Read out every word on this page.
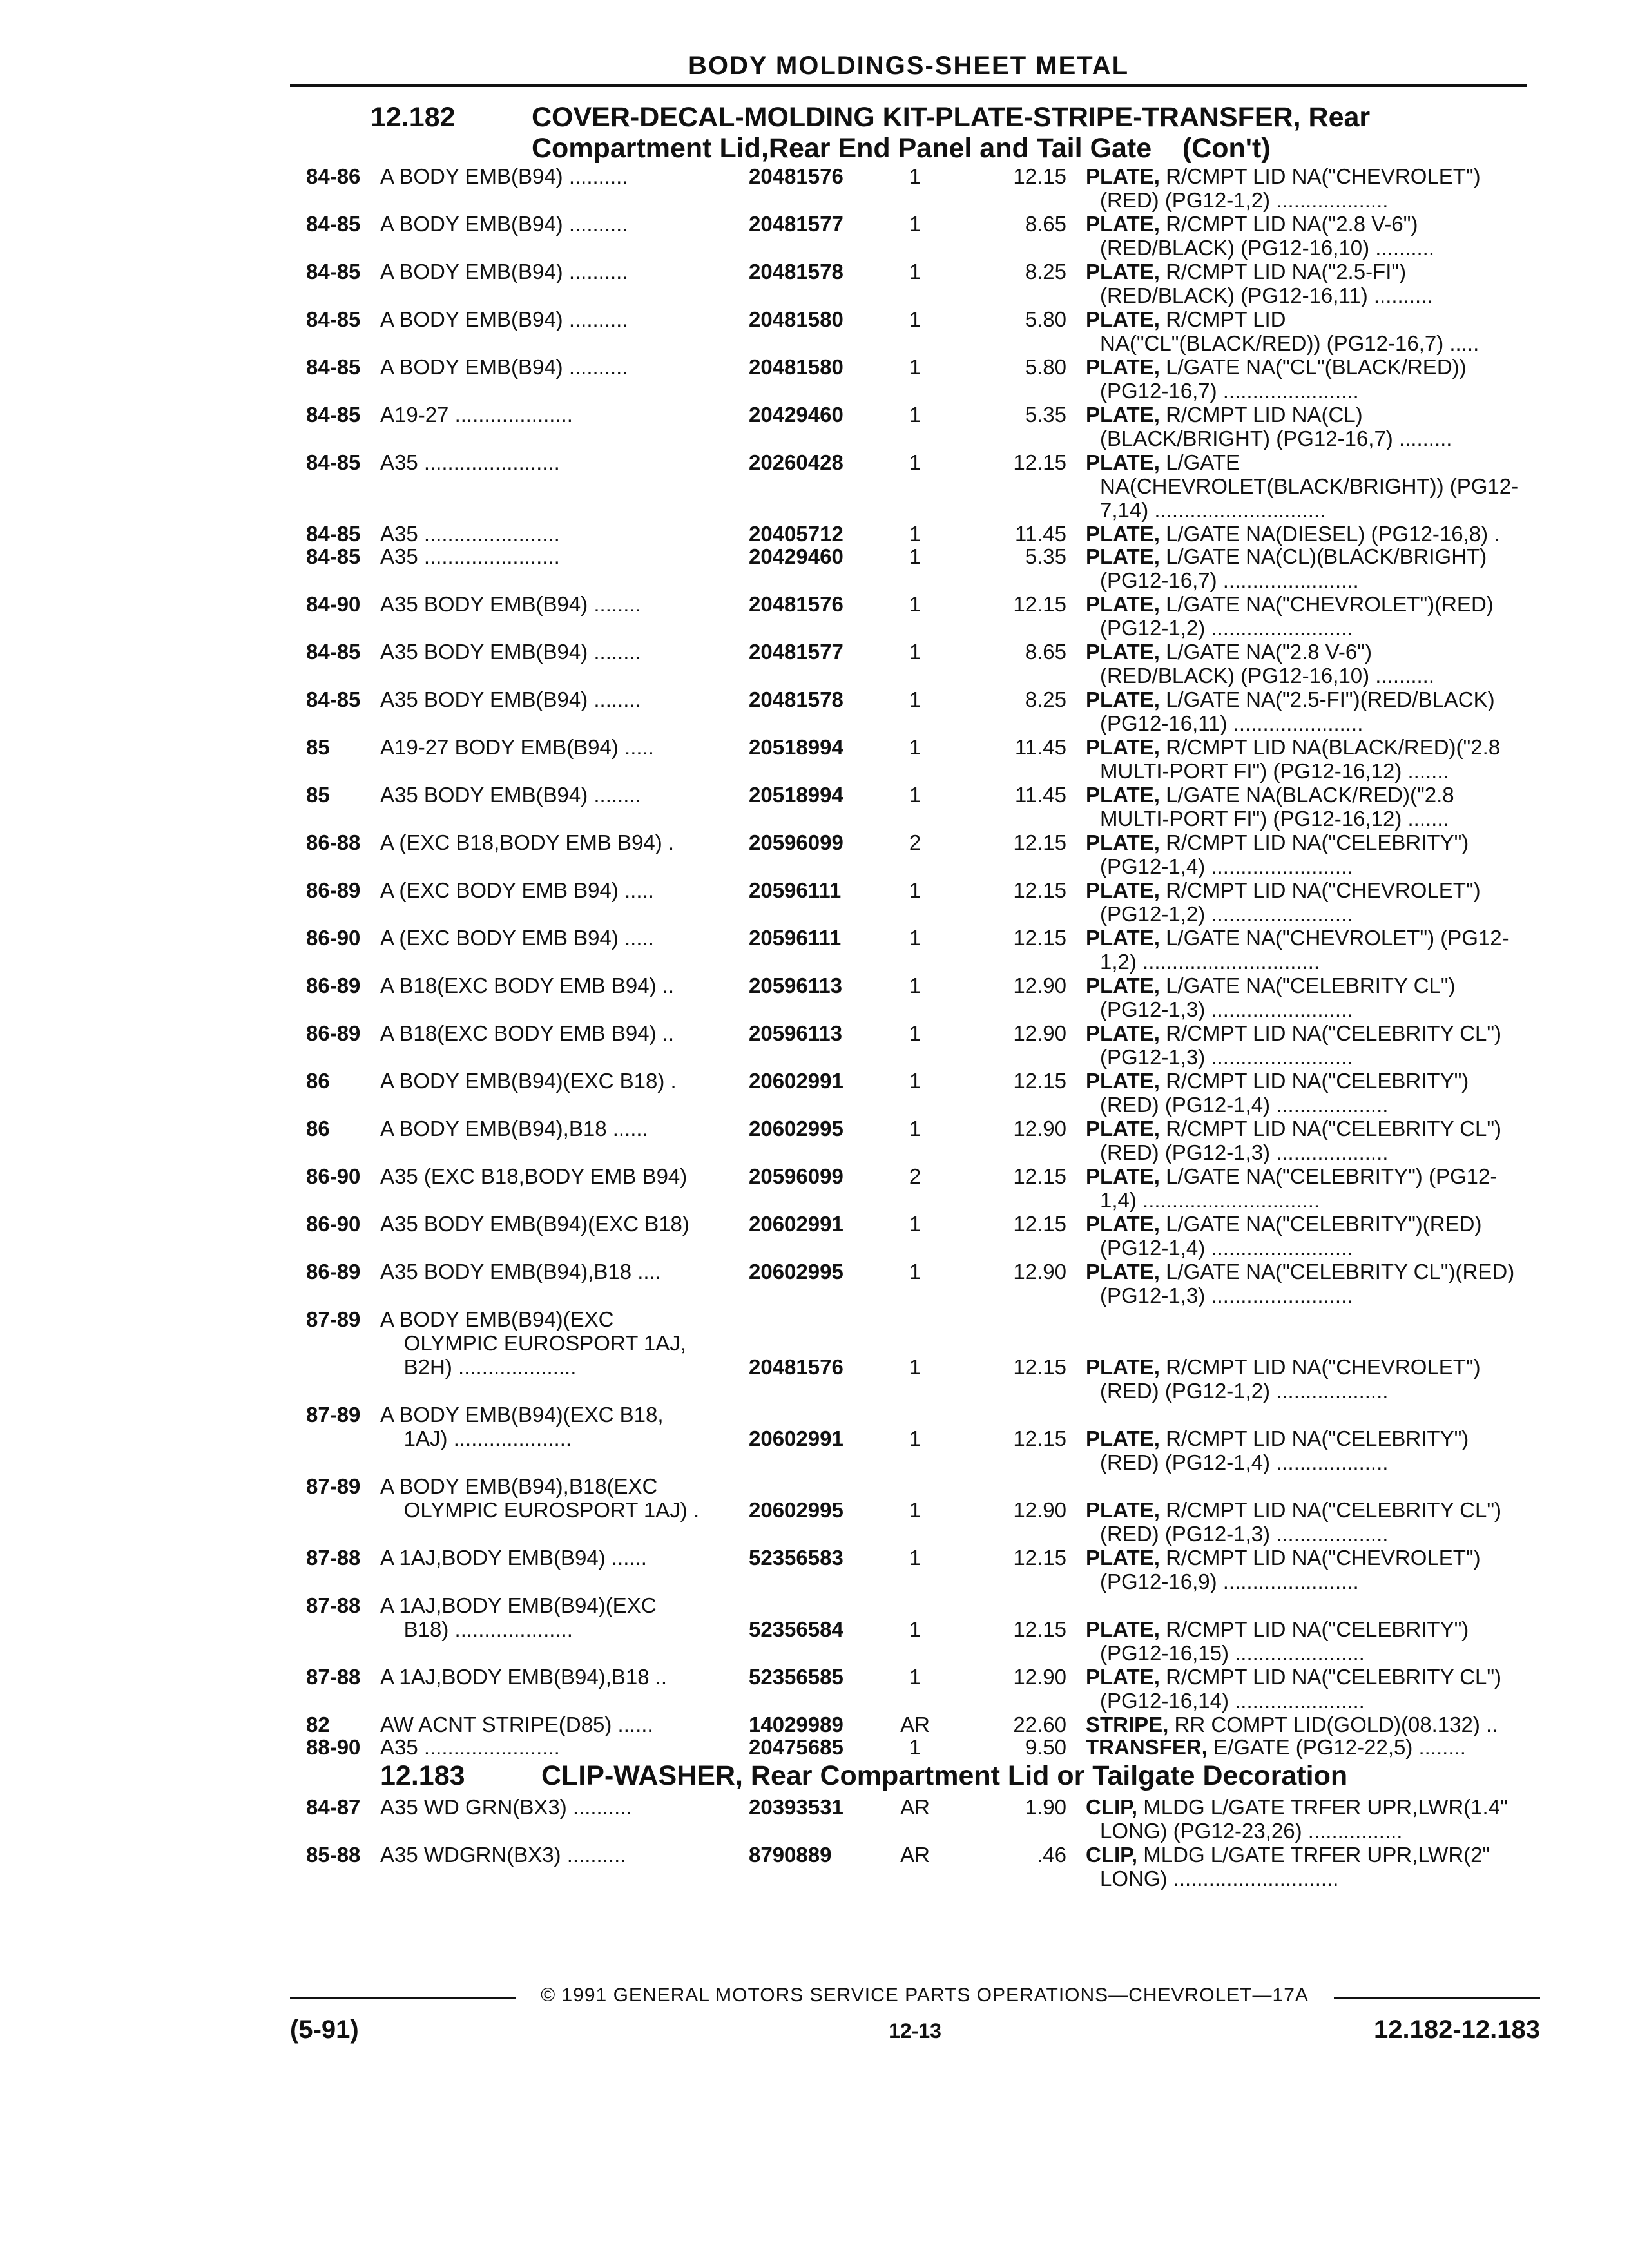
BODY MOLDINGS-SHEET METAL
12.182	COVER-DECAL-MOLDING KIT-PLATE-STRIPE-TRANSFER, Rear
Compartment Lid,Rear End Panel and Tail Gate    (Con't)
84-86 A BODY EMB(B94) ..........	20481576	1	12.15 PLATE, R/CMPT LID NA("CHEVROLET")
(RED) (PG12-1,2) ...................
84-85 A BODY EMB(B94) ..........	20481577	1	8.65 PLATE, R/CMPT LID NA("2.8 V-6")
(RED/BLACK) (PG12-16,10) ..........
84-85 A BODY EMB(B94) ..........	20481578	1	8.25 PLATE, R/CMPT LID NA("2.5-FI")
(RED/BLACK) (PG12-16,11) ..........
84-85 A BODY EMB(B94) ..........	20481580	1	5.80 PLATE, R/CMPT LID
NA("CL"(BLACK/RED)) (PG12-16,7) .....
84-85 A BODY EMB(B94) ..........	20481580	1	5.80 PLATE, L/GATE NA("CL"(BLACK/RED))
(PG12-16,7) .......................
84-85 A19-27 ....................	20429460	1	5.35 PLATE, R/CMPT LID NA(CL)
(BLACK/BRIGHT) (PG12-16,7) .........
84-85 A35 .......................	20260428	1	12.15 PLATE, L/GATE
NA(CHEVROLET(BLACK/BRIGHT)) (PG12-
7,14) .............................
84-85 A35 .......................	20405712	1	11.45 PLATE, L/GATE NA(DIESEL) (PG12-16,8) .
84-85 A35 .......................	20429460	1	5.35 PLATE, L/GATE NA(CL)(BLACK/BRIGHT)
(PG12-16,7) .......................
84-90 A35 BODY EMB(B94) ........	20481576	1	12.15 PLATE, L/GATE NA("CHEVROLET")(RED)
(PG12-1,2) ........................
84-85 A35 BODY EMB(B94) ........	20481577	1	8.65 PLATE, L/GATE NA("2.8 V-6")
(RED/BLACK) (PG12-16,10) ..........
84-85 A35 BODY EMB(B94) ........	20481578	1	8.25 PLATE, L/GATE NA("2.5-FI")(RED/BLACK)
(PG12-16,11) ......................
85 A19-27 BODY EMB(B94) .....	20518994	1	11.45 PLATE, R/CMPT LID NA(BLACK/RED)("2.8
MULTI-PORT FI") (PG12-16,12) .......
85 A35 BODY EMB(B94) ........	20518994	1	11.45 PLATE, L/GATE NA(BLACK/RED)("2.8
MULTI-PORT FI") (PG12-16,12) .......
86-88 A (EXC B18,BODY EMB B94) .	20596099	2	12.15 PLATE, R/CMPT LID NA("CELEBRITY")
(PG12-1,4) ........................
86-89 A (EXC BODY EMB B94) .....	20596111	1	12.15 PLATE, R/CMPT LID NA("CHEVROLET")
(PG12-1,2) ........................
86-90 A (EXC BODY EMB B94) .....	20596111	1	12.15 PLATE, L/GATE NA("CHEVROLET") (PG12-
1,2) ..............................
86-89 A B18(EXC BODY EMB B94) ..	20596113	1	12.90 PLATE, L/GATE NA("CELEBRITY CL")
(PG12-1,3) ........................
86-89 A B18(EXC BODY EMB B94) ..	20596113	1	12.90 PLATE, R/CMPT LID NA("CELEBRITY CL")
(PG12-1,3) ........................
86 A BODY EMB(B94)(EXC B18) .	20602991	1	12.15 PLATE, R/CMPT LID NA("CELEBRITY")
(RED) (PG12-1,4) ...................
86 A BODY EMB(B94),B18 ......	20602995	1	12.90 PLATE, R/CMPT LID NA("CELEBRITY CL")
(RED) (PG12-1,3) ...................
86-90 A35 (EXC B18,BODY EMB B94)	20596099	2	12.15 PLATE, L/GATE NA("CELEBRITY") (PG12-
1,4) ..............................
86-90 A35 BODY EMB(B94)(EXC B18)	20602991	1	12.15 PLATE, L/GATE NA("CELEBRITY")(RED)
(PG12-1,4) ........................
86-89 A35 BODY EMB(B94),B18 ....	20602995	1	12.90 PLATE, L/GATE NA("CELEBRITY CL")(RED)
(PG12-1,3) ........................
87-89 A BODY EMB(B94)(EXC
OLYMPIC EUROSPORT 1AJ,
B2H) ....................	20481576	1	12.15 PLATE, R/CMPT LID NA("CHEVROLET")
(RED) (PG12-1,2) ...................
87-89 A BODY EMB(B94)(EXC B18,
1AJ) ....................	20602991	1	12.15 PLATE, R/CMPT LID NA("CELEBRITY")
(RED) (PG12-1,4) ...................
87-89 A BODY EMB(B94),B18(EXC
OLYMPIC EUROSPORT 1AJ) .	20602995	1	12.90 PLATE, R/CMPT LID NA("CELEBRITY CL")
(RED) (PG12-1,3) ...................
87-88 A 1AJ,BODY EMB(B94) ......	52356583	1	12.15 PLATE, R/CMPT LID NA("CHEVROLET")
(PG12-16,9) .......................
87-88 A 1AJ,BODY EMB(B94)(EXC
B18) ....................	52356584	1	12.15 PLATE, R/CMPT LID NA("CELEBRITY")
(PG12-16,15) ......................
87-88 A 1AJ,BODY EMB(B94),B18 ..	52356585	1	12.90 PLATE, R/CMPT LID NA("CELEBRITY CL")
(PG12-16,14) ......................
82 AW ACNT STRIPE(D85) ......	14029989	AR	22.60 STRIPE, RR COMPT LID(GOLD)(08.132) ..
88-90 A35 .......................	20475685	1	9.50 TRANSFER, E/GATE (PG12-22,5) ........
84-87 A35 WD GRN(BX3) ..........	20393531	AR	1.90 CLIP, MLDG L/GATE TRFER UPR,LWR(1.4"
LONG) (PG12-23,26) ................
85-88 A35 WDGRN(BX3) ..........	8790889	AR	.46 CLIP, MLDG L/GATE TRFER UPR,LWR(2"
LONG) ............................
12.183	CLIP-WASHER, Rear Compartment Lid or Tailgate Decoration
© 1991 GENERAL MOTORS SERVICE PARTS OPERATIONS—CHEVROLET—17A
(5-91)	12-13	12.182-12.183
